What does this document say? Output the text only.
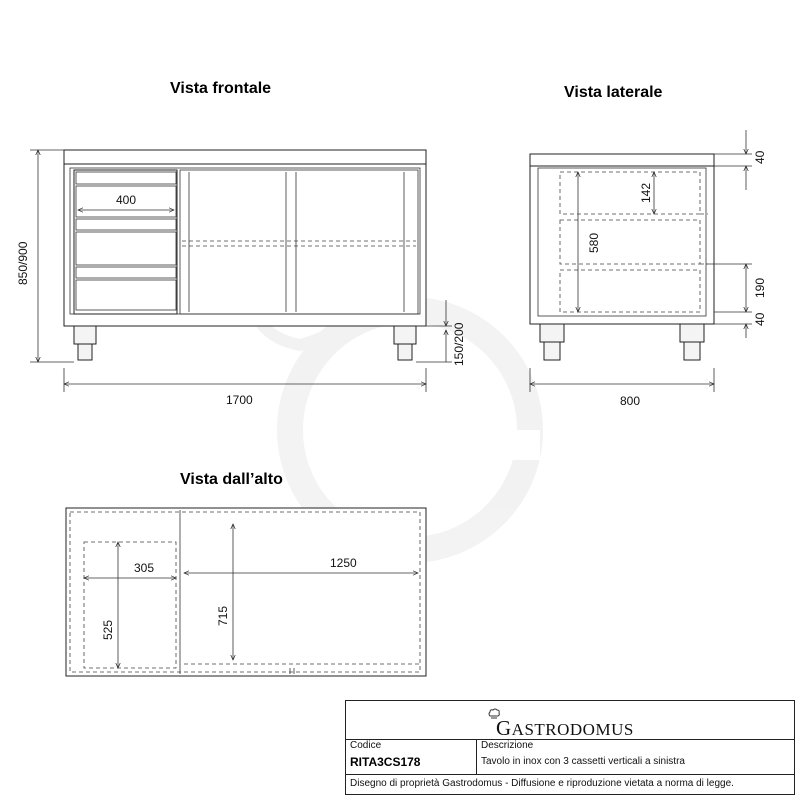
Vista frontale	Vista laterale
Vista dall’alto
400
850/900
150/200
1700
142
580
40
190
40
800
305	1250
525
715
GASTRODOMUS
Codice
RITA3CS178
Descrizione
Tavolo in inox con 3 cassetti verticali a sinistra
Disegno di proprietà Gastrodomus - Diffusione e riproduzione vietata a norma di legge.
